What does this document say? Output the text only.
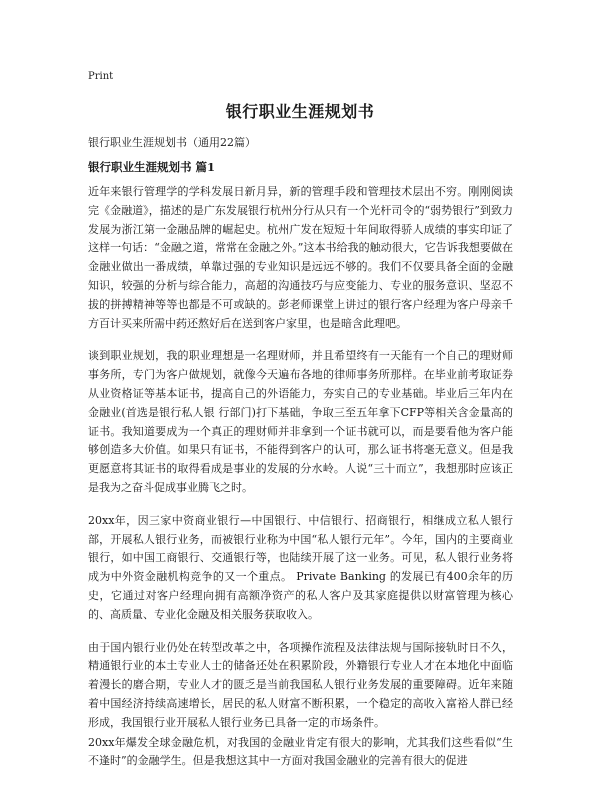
Print
银行职业生涯规划书

银行职业生涯规划书（通用22篇）

银行职业生涯规划书 篇1

近年来银行管理学的学科发展日新月异，新的管理手段和管理技术层出不穷。刚刚阅读完《金融道》，描述的是广东发展银行杭州分行从只有一个光杆司令的“弱势银行”到致力发展为浙江第一金融品牌的崛起史。杭州广发在短短十年间取得骄人成绩的事实印证了这样一句话：“金融之道，常常在金融之外。”这本书给我的触动很大，它告诉我想要做在金融业做出一番成绩，单靠过强的专业知识是远远不够的。我们不仅要具备全面的金融知识，较强的分析与综合能力，高超的沟通技巧与应变能力、专业的服务意识、坚忍不拔的拼搏精神等等也都是不可或缺的。彭老师课堂上讲过的银行客户经理为客户母亲千方百计买来所需中药还熬好后在送到客户家里，也是暗含此理吧。

谈到职业规划，我的职业理想是一名理财师，并且希望终有一天能有一个自己的理财师事务所，专门为客户做规划，就像今天遍布各地的律师事务所那样。在毕业前考取证券从业资格证等基本证书，提高自己的外语能力，夯实自己的专业基础。毕业后三年内在金融业(首选是银行私人银 行部门)打下基础，争取三至五年拿下CFP等相关含金量高的证书。我知道要成为一个真正的理财师并非拿到一个证书就可以，而是要看他为客户能够创造多大价值。如果只有证书，不能得到客户的认可，那么证书将毫无意义。但是我更愿意将其证书的取得看成是事业的发展的分水岭。人说“三十而立”，我想那时应该正是我为之奋斗促成事业腾飞之时。

20xx年，因三家中资商业银行—中国银行、中信银行、招商银行，相继成立私人银行部，开展私人银行业务，而被银行业称为中国“私人银行元年”。今年，国内的主要商业银行，如中国工商银行、交通银行等，也陆续开展了这一业务。可见，私人银行业务将成为中外资金融机构竞争的又一个重点。 Private Banking 的发展已有400余年的历史，它通过对客户经理向拥有高额净资产的私人客户及其家庭提供以财富管理为核心的、高质量、专业化金融及相关服务获取收入。

由于国内银行业仍处在转型改革之中，各项操作流程及法律法规与国际接轨时日不久，精通银行业的本土专业人士的储备还处在积累阶段，外籍银行专业人才在本地化中面临着漫长的磨合期，专业人才的匮乏是当前我国私人银行业务发展的重要障碍。近年来随着中国经济持续高速增长，居民的私人财富不断积累，一个稳定的高收入富裕人群已经形成，我国银行业开展私人银行业务已具备一定的市场条件。

20xx年爆发全球金融危机，对我国的金融业肯定有很大的影响，尤其我们这些看似“生不逢时”的金融学生。但是我想这其中一方面对我国金融业的完善有很大的促进
